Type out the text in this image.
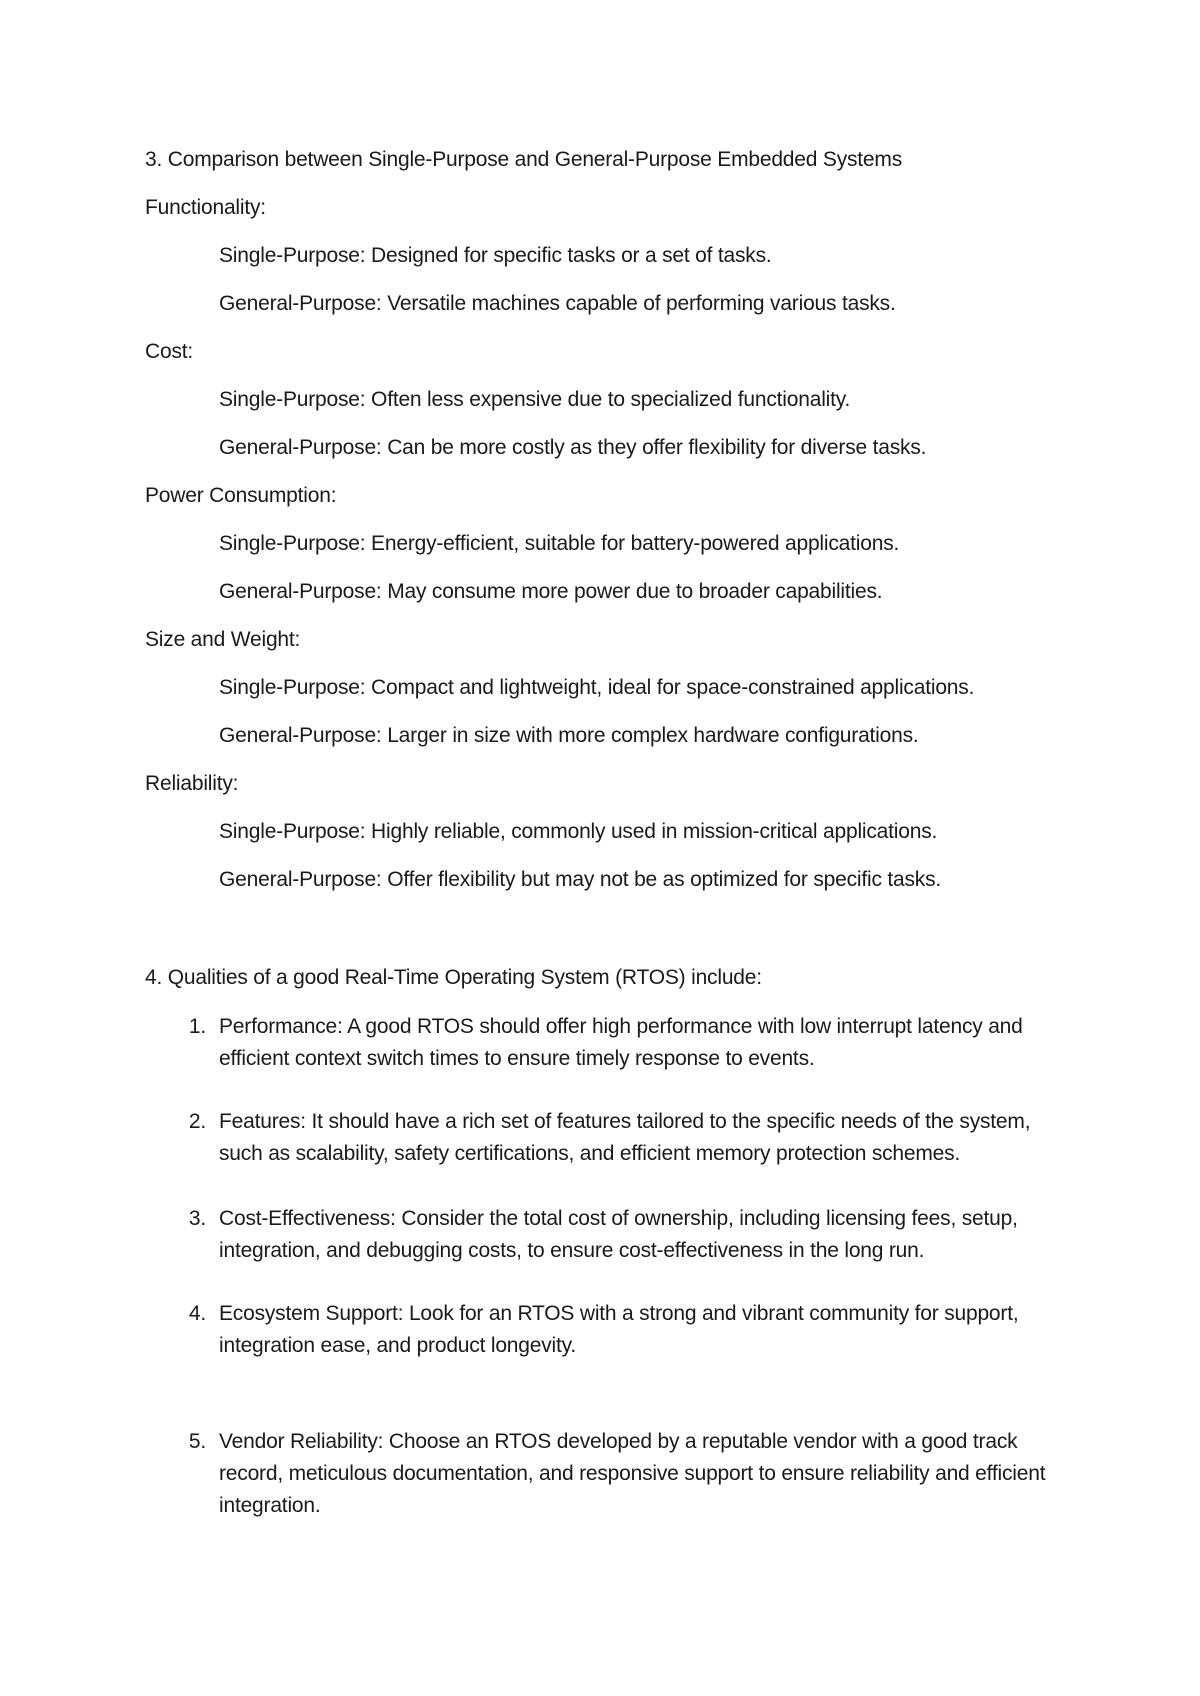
3. Comparison between Single-Purpose and General-Purpose Embedded Systems
Functionality:
Single-Purpose: Designed for specific tasks or a set of tasks.
General-Purpose: Versatile machines capable of performing various tasks.
Cost:
Single-Purpose: Often less expensive due to specialized functionality.
General-Purpose: Can be more costly as they offer flexibility for diverse tasks.
Power Consumption:
Single-Purpose: Energy-efficient, suitable for battery-powered applications.
General-Purpose: May consume more power due to broader capabilities.
Size and Weight:
Single-Purpose: Compact and lightweight, ideal for space-constrained applications.
General-Purpose: Larger in size with more complex hardware configurations.
Reliability:
Single-Purpose: Highly reliable, commonly used in mission-critical applications.
General-Purpose: Offer flexibility but may not be as optimized for specific tasks.
4. Qualities of a good Real-Time Operating System (RTOS) include:
1. Performance: A good RTOS should offer high performance with low interrupt latency and efficient context switch times to ensure timely response to events.
2. Features: It should have a rich set of features tailored to the specific needs of the system, such as scalability, safety certifications, and efficient memory protection schemes.
3. Cost-Effectiveness: Consider the total cost of ownership, including licensing fees, setup, integration, and debugging costs, to ensure cost-effectiveness in the long run.
4. Ecosystem Support: Look for an RTOS with a strong and vibrant community for support, integration ease, and product longevity.
5. Vendor Reliability: Choose an RTOS developed by a reputable vendor with a good track record, meticulous documentation, and responsive support to ensure reliability and efficient integration.
